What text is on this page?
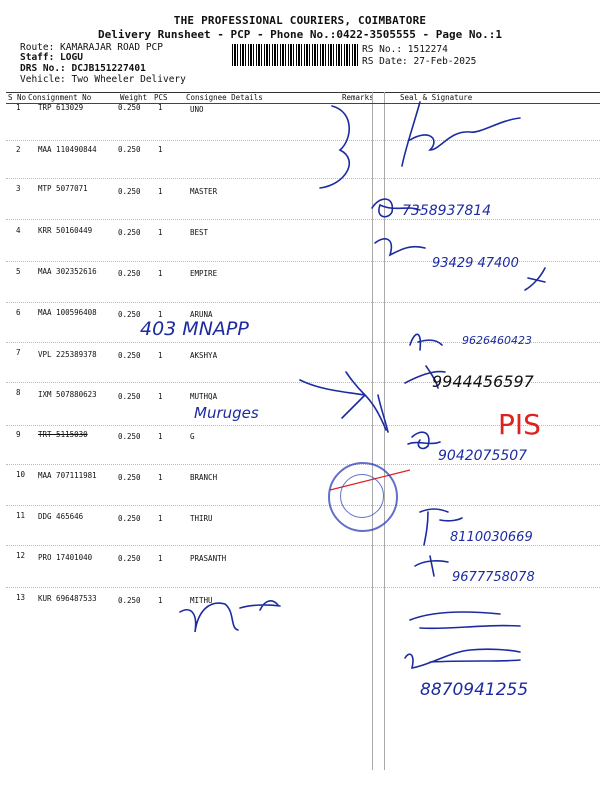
THE PROFESSIONAL COURIERS, COIMBATORE
Delivery Runsheet - PCP - Phone No.:0422-3505555 - Page No.:1
Route: KAMARAJAR ROAD PCP
Staff: LOGU
DRS No.: DCJB151227401
Vehicle: Two Wheeler Delivery
RS No.: 1512274
RS Date: 27-Feb-2025
S No Consignment No	Weight PCS Consignee Details	Remarks	Seal & Signature
1 TRP 613029	0.250 1	UNO
2 MAA 110490844	0.250 1
3 MTP 5077071	0.250 1	MASTER
4 KRR 50160449	0.250 1	BEST
5 MAA 302352616	0.250 1	EMPIRE
6 MAA 100596408	0.250 1	ARUNA
7 VPL 225389378	0.250 1	AKSHYA
8 IXM 507880623	0.250 1	MUTHQA
9 TRT 5115030	0.250 1	G
10 MAA 707111981	0.250 1	BRANCH
11 DDG 465646	0.250 1	THIRU
12 PRO 17401040	0.250 1	PRASANTH
13 KUR 696487533	0.250 1	MITHU
7358937814
93429 47400
403 MNAPP
9626460423
9944456597
Muruges	PIS
9042075507
8110030669
9677758078
8870941255
